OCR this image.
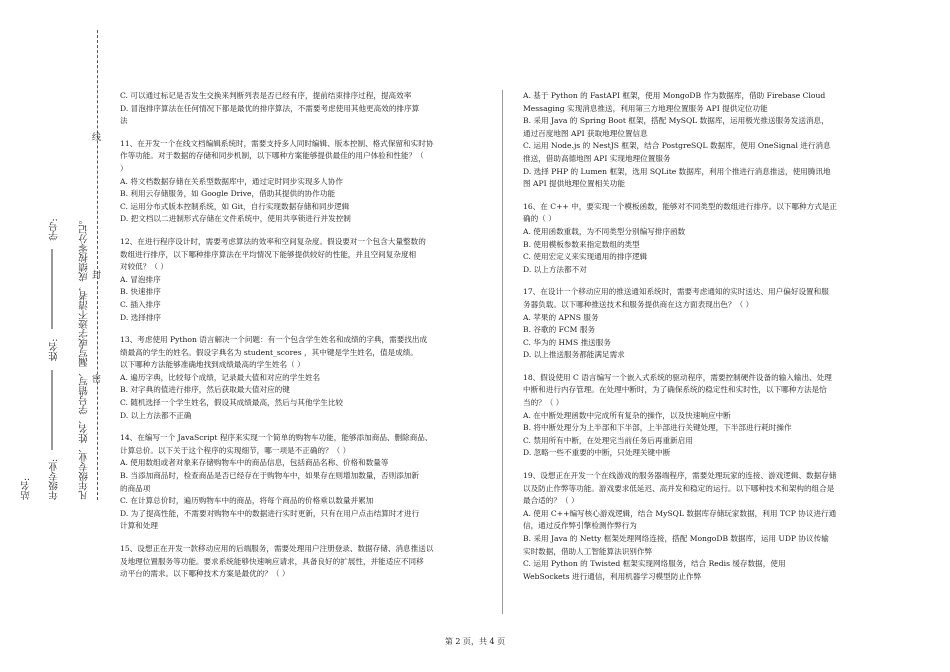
站名: 年级专业:  姓名:  学号: 凡年级专业、姓名、学号错写、漏写或字迹不清者，成绩按零分记。
线
封
密

C. 可以通过标记是否发生交换来判断列表是否已经有序，提前结束排序过程，提高效率

D. 冒泡排序算法在任何情况下都是最优的排序算法，不需要考虑使用其他更高效的排序算

法

11、在开发一个在线文档编辑系统时，需要支持多人同时编辑、版本控制、格式保留和实时协

作等功能。对于数据的存储和同步机制，以下哪种方案能够提供最佳的用户体验和性能？（

）

A. 将文档数据存储在关系型数据库中，通过定时同步实现多人协作

B. 利用云存储服务，如 Google Drive，借助其提供的协作功能

C. 运用分布式版本控制系统，如 Git，自行实现数据存储和同步逻辑

D. 把文档以二进制形式存储在文件系统中，使用共享锁进行并发控制

12、在进行程序设计时，需要考虑算法的效率和空间复杂度。假设要对一个包含大量整数的

数组进行排序，以下哪种排序算法在平均情况下能够提供较好的性能，并且空间复杂度相

对较低？（ ）

A. 冒泡排序

B. 快速排序

C. 插入排序

D. 选择排序

13、考虑使用 Python 语言解决一个问题：有一个包含学生姓名和成绩的字典，需要找出成

绩最高的学生的姓名。假设字典名为 student_scores ，其中键是学生姓名，值是成绩。

以下哪种方法能够准确地找到成绩最高的学生姓名（ ）

A. 遍历字典，比较每个成绩，记录最大值和对应的学生姓名

B. 对字典的值进行排序，然后获取最大值对应的键

C. 随机选择一个学生姓名，假设其成绩最高，然后与其他学生比较

D. 以上方法都不正确

14、在编写一个 JavaScript 程序来实现一个简单的购物车功能，能够添加商品、删除商品、

计算总价。以下关于这个程序的实现细节，哪一项是不正确的？（ ）

A. 使用数组或者对象来存储购物车中的商品信息，包括商品名称、价格和数量等

B. 当添加商品时，检查商品是否已经存在于购物车中，如果存在则增加数量，否则添加新

的商品项

C. 在计算总价时，遍历购物车中的商品，将每个商品的价格乘以数量并累加

D. 为了提高性能，不需要对购物车中的数据进行实时更新，只有在用户点击结算时才进行

计算和处理

15、设想正在开发一款移动应用的后端服务，需要处理用户注册登录、数据存储、消息推送以

及地理位置服务等功能。要求系统能够快速响应请求，具备良好的扩展性，并能适应不同移

动平台的需求。以下哪种技术方案是最优的？（ ）

A. 基于 Python 的 FastAPI 框架，使用 MongoDB 作为数据库，借助 Firebase Cloud

Messaging 实现消息推送，利用第三方地理位置服务 API 提供定位功能

B. 采用 Java 的 Spring Boot 框架，搭配 MySQL 数据库，运用极光推送服务发送消息，

通过百度地图 API 获取地理位置信息

C. 运用 Node.js 的 NestJS 框架，结合 PostgreSQL 数据库，使用 OneSignal 进行消息

推送，借助高德地图 API 实现地理位置服务

D. 选择 PHP 的 Lumen 框架，选用 SQLite 数据库，利用个推进行消息推送，使用腾讯地

图 API 提供地理位置相关功能

16、在 C++ 中，要实现一个模板函数，能够对不同类型的数组进行排序。以下哪种方式是正

确的（ ）

A. 使用函数重载，为不同类型分别编写排序函数

B. 使用模板参数来指定数组的类型

C. 使用宏定义来实现通用的排序逻辑

D. 以上方法都不对

17、在设计一个移动应用的推送通知系统时，需要考虑通知的实时送达、用户偏好设置和服

务器负载。以下哪种推送技术和服务提供商在这方面表现出色？（ ）

A. 苹果的 APNS 服务

B. 谷歌的 FCM 服务

C. 华为的 HMS 推送服务

D. 以上推送服务都能满足需求

18、假设使用 C 语言编写一个嵌入式系统的驱动程序，需要控制硬件设备的输入输出、处理

中断和进行内存管理。在处理中断时，为了确保系统的稳定性和实时性，以下哪种方法是恰

当的？（ ）

A. 在中断处理函数中完成所有复杂的操作，以及快速响应中断

B. 将中断处理分为上半部和下半部，上半部进行关键处理，下半部进行耗时操作

C. 禁用所有中断，在处理完当前任务后再重新启用

D. 忽略一些不重要的中断，只处理关键中断

19、设想正在开发一个在线游戏的服务器端程序，需要处理玩家的连接、游戏逻辑、数据存储

以及防止作弊等功能。游戏要求低延迟、高并发和稳定的运行。以下哪种技术和架构的组合是

最合适的？（ ）

A. 使用 C++编写核心游戏逻辑，结合 MySQL 数据库存储玩家数据，利用 TCP 协议进行通

信，通过反作弊引擎检测作弊行为

B. 采用 Java 的 Netty 框架处理网络连接，搭配 MongoDB 数据库，运用 UDP 协议传输

实时数据，借助人工智能算法识别作弊

C. 运用 Python 的 Twisted 框架实现网络服务，结合 Redis 缓存数据，使用

WebSockets 进行通信，利用机器学习模型防止作弊

第 2 页，共 4 页
